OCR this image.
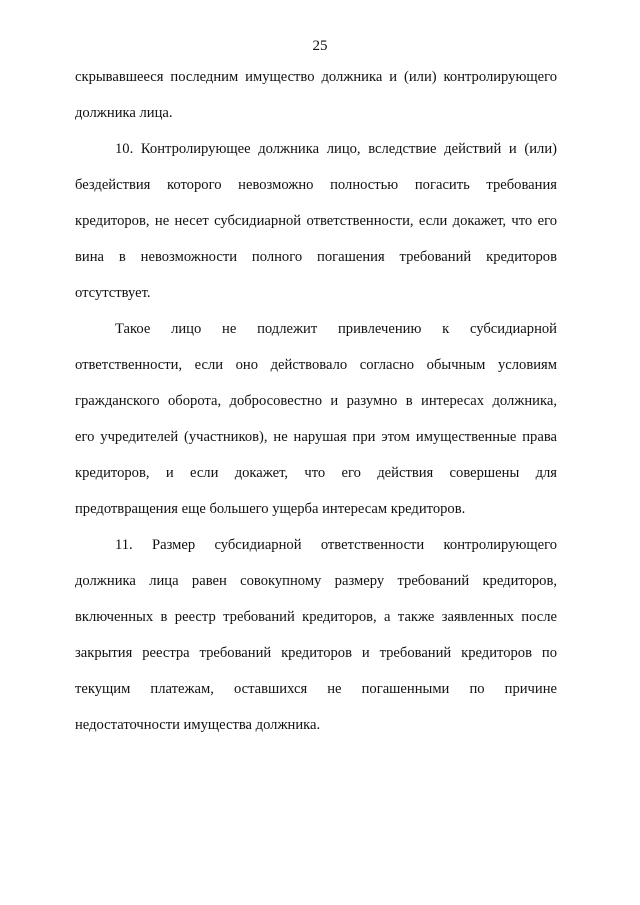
25
скрывавшееся последним имущество должника и (или) контролирующего
должника лица.
10. Контролирующее должника лицо, вследствие действий и (или)
бездействия которого невозможно полностью погасить требования
кредиторов, не несет субсидиарной ответственности, если докажет, что его
вина в невозможности полного погашения требований кредиторов
отсутствует.
Такое лицо не подлежит привлечению к субсидиарной
ответственности, если оно действовало согласно обычным условиям
гражданского оборота, добросовестно и разумно в интересах должника,
его учредителей (участников), не нарушая при этом имущественные права
кредиторов, и если докажет, что его действия совершены для
предотвращения еще большего ущерба интересам кредиторов.
11. Размер субсидиарной ответственности контролирующего
должника лица равен совокупному размеру требований кредиторов,
включенных в реестр требований кредиторов, а также заявленных после
закрытия реестра требований кредиторов и требований кредиторов по
текущим платежам, оставшихся не погашенными по причине
недостаточности имущества должника.
